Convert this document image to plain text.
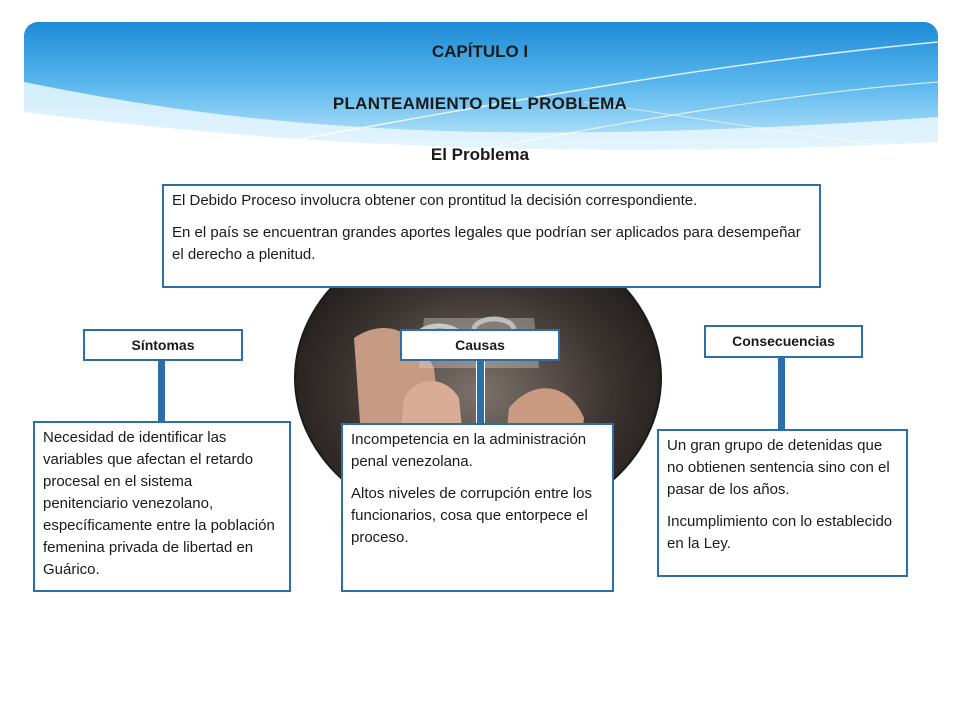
CAPÍTULO I
PLANTEAMIENTO DEL PROBLEMA
El Problema

El Debido Proceso involucra obtener con prontitud la decisión correspondiente.

En el país se encuentran grandes aportes legales que podrían ser aplicados para desempeñar el derecho a plenitud.

Síntomas

Necesidad de identificar las variables que afectan el retardo procesal en el sistema penitenciario venezolano, específicamente entre la población femenina privada de libertad en Guárico.

Causas

Incompetencia en la administración penal venezolana.

Altos niveles de corrupción entre los funcionarios, cosa que entorpece el proceso.

Consecuencias

Un gran grupo de detenidas que no obtienen sentencia sino con el pasar de los años.

Incumplimiento con lo establecido en la Ley.
